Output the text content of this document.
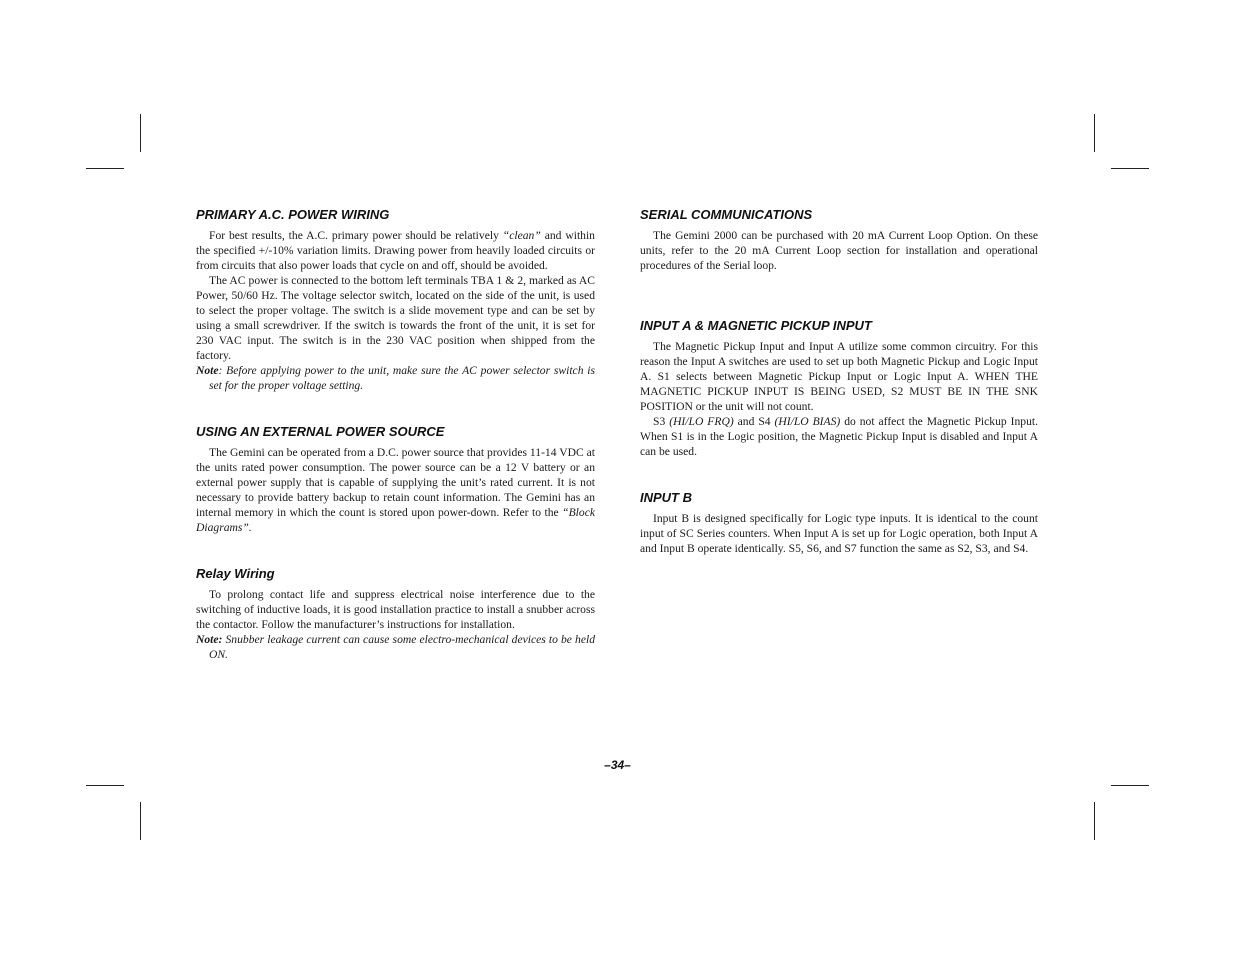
PRIMARY A.C. POWER WIRING

For best results, the A.C. primary power should be relatively “clean” and within the specified +/-10% variation limits. Drawing power from heavily loaded circuits or from circuits that also power loads that cycle on and off, should be avoided.

The AC power is connected to the bottom left terminals TBA 1 & 2, marked as AC Power, 50/60 Hz. The voltage selector switch, located on the side of the unit, is used to select the proper voltage. The switch is a slide movement type and can be set by using a small screwdriver. If the switch is towards the front of the unit, it is set for 230 VAC input. The switch is in the 230 VAC position when shipped from the factory.

Note: Before applying power to the unit, make sure the AC power selector switch is set for the proper voltage setting.

USING AN EXTERNAL POWER SOURCE

The Gemini can be operated from a D.C. power source that provides 11-14 VDC at the units rated power consumption. The power source can be a 12 V battery or an external power supply that is capable of supplying the unit’s rated current. It is not necessary to provide battery backup to retain count information. The Gemini has an internal memory in which the count is stored upon power-down. Refer to the “Block Diagrams”.

Relay Wiring

To prolong contact life and suppress electrical noise interference due to the switching of inductive loads, it is good installation practice to install a snubber across the contactor. Follow the manufacturer’s instructions for installation.

Note: Snubber leakage current can cause some electro-mechanical devices to be held ON.

SERIAL COMMUNICATIONS

The Gemini 2000 can be purchased with 20 mA Current Loop Option. On these units, refer to the 20 mA Current Loop section for installation and operational procedures of the Serial loop.

INPUT A & MAGNETIC PICKUP INPUT

The Magnetic Pickup Input and Input A utilize some common circuitry. For this reason the Input A switches are used to set up both Magnetic Pickup and Logic Input A. S1 selects between Magnetic Pickup Input or Logic Input A. WHEN THE MAGNETIC PICKUP INPUT IS BEING USED, S2 MUST BE IN THE SNK POSITION or the unit will not count.

S3 (HI/LO FRQ) and S4 (HI/LO BIAS) do not affect the Magnetic Pickup Input. When S1 is in the Logic position, the Magnetic Pickup Input is disabled and Input A can be used.

INPUT B

Input B is designed specifically for Logic type inputs. It is identical to the count input of SC Series counters. When Input A is set up for Logic operation, both Input A and Input B operate identically. S5, S6, and S7 function the same as S2, S3, and S4.

–34–
